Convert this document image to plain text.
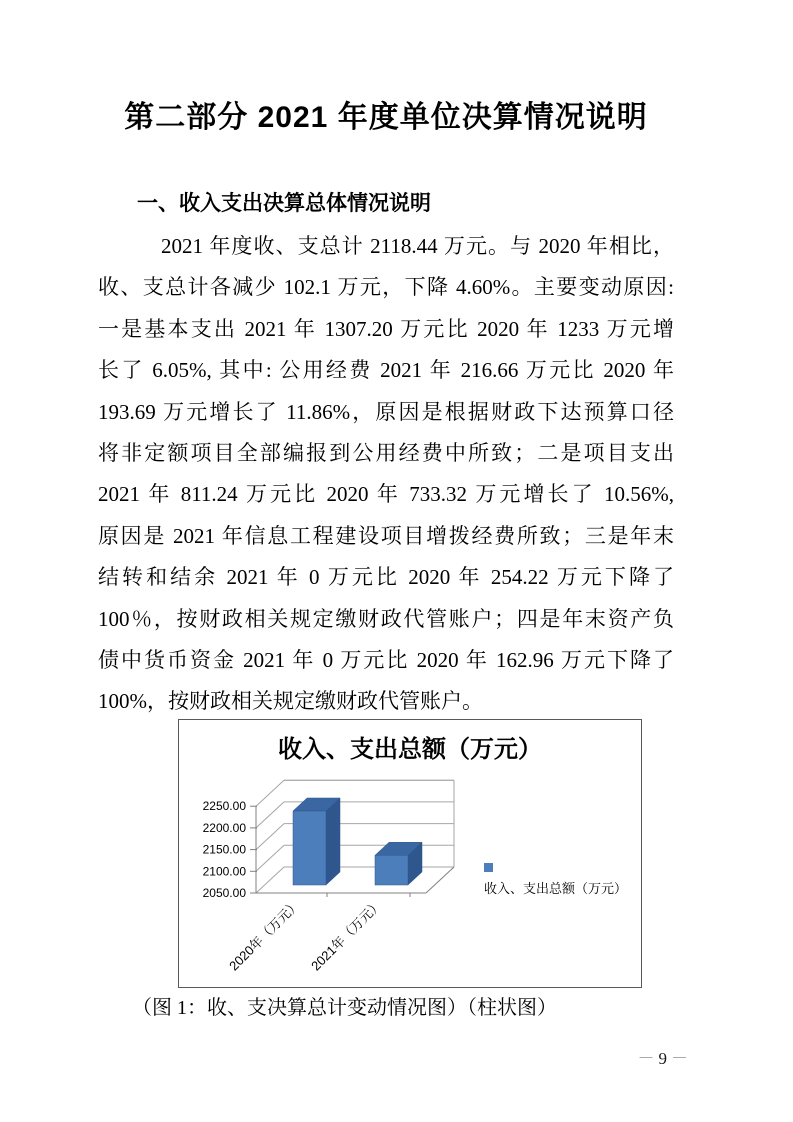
第二部分 2021 年度单位决算情况说明
一、收入支出决算总体情况说明
2021 年度收、支总计 2118.44 万元。与 2020 年相比，
收、支总计各减少 102.1 万元，下降 4.60%。主要变动原因:
一是基本支出 2021 年 1307.20 万元比 2020 年 1233 万元增
长了 6.05%, 其中: 公用经费 2021 年 216.66 万元比 2020 年
193.69 万元增长了 11.86%，原因是根据财政下达预算口径
将非定额项目全部编报到公用经费中所致；二是项目支出
2021 年 811.24 万元比 2020 年 733.32 万元增长了 10.56%,
原因是 2021 年信息工程建设项目增拨经费所致；三是年末
结转和结余 2021 年 0 万元比 2020 年 254.22 万元下降了
100％，按财政相关规定缴财政代管账户；四是年末资产负
债中货币资金 2021 年 0 万元比 2020 年 162.96 万元下降了
100%，按财政相关规定缴财政代管账户。
收入、支出总额（万元）
2050.00
2100.00
2150.00
2200.00
2250.00
2020年（万元） 2021年（万元）
收入、支出总额（万元）
（图 1：收、支决算总计变动情况图）（柱状图）
－ 9 －
